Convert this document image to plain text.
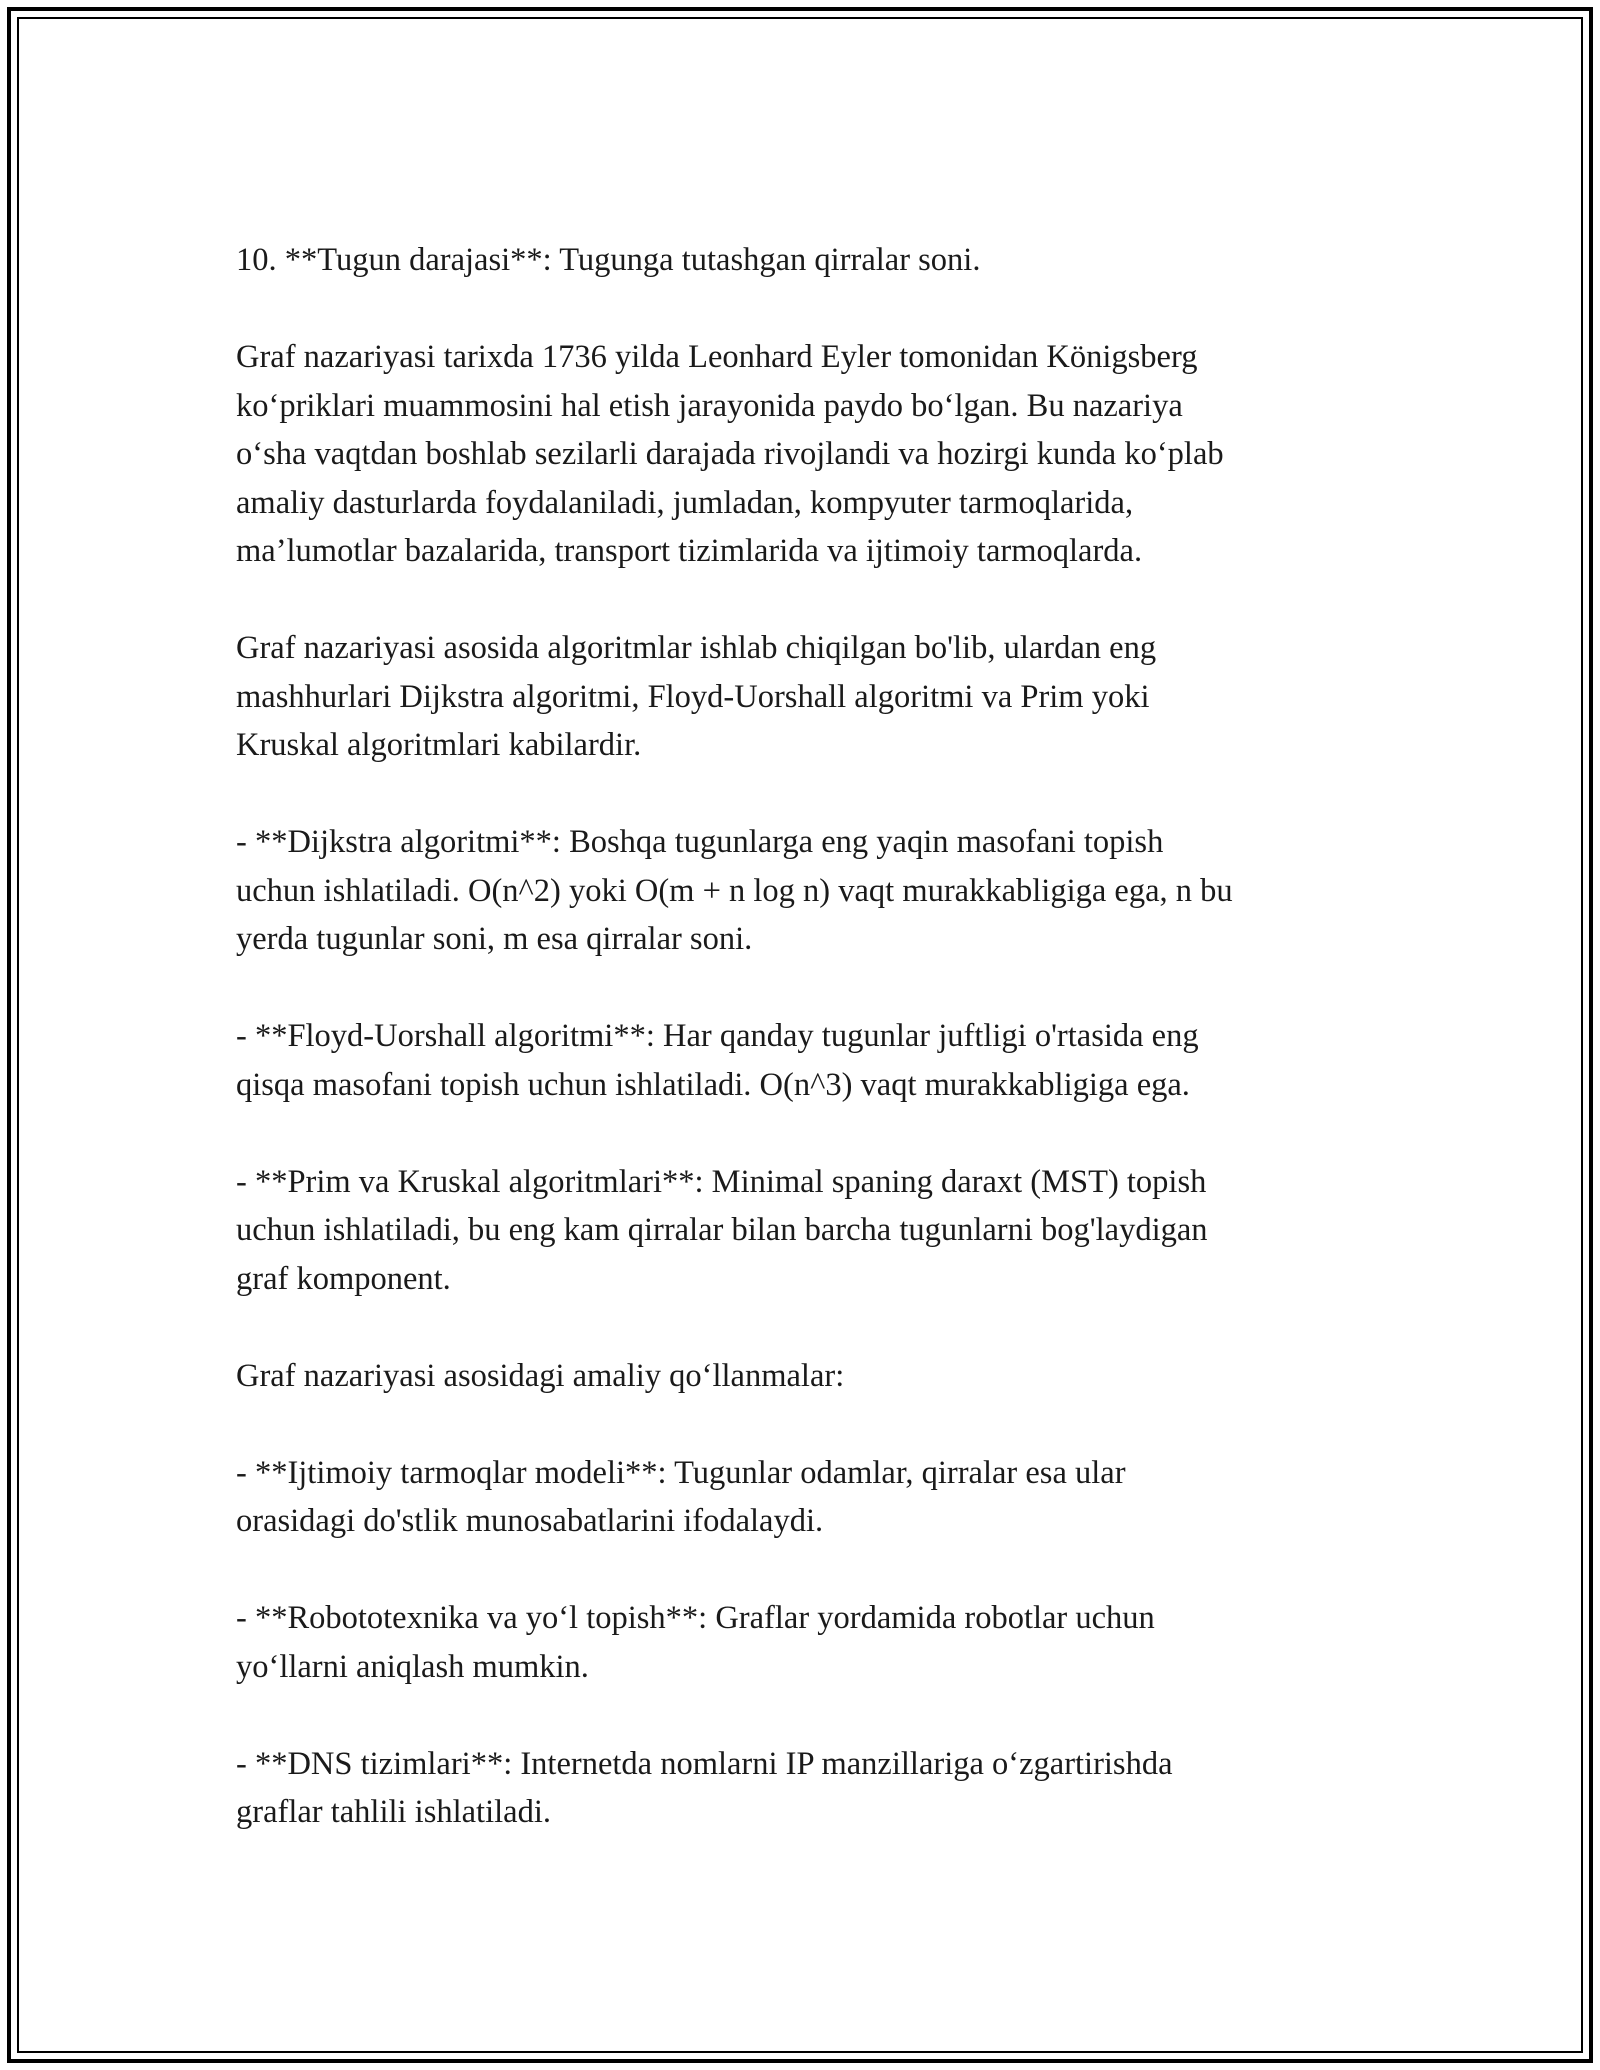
10. **Tugun darajasi**: Tugunga tutashgan qirralar soni.

Graf nazariyasi tarixda 1736 yilda Leonhard Eyler tomonidan Königsberg
ko‘priklari muammosini hal etish jarayonida paydo bo‘lgan. Bu nazariya
o‘sha vaqtdan boshlab sezilarli darajada rivojlandi va hozirgi kunda ko‘plab
amaliy dasturlarda foydalaniladi, jumladan, kompyuter tarmoqlarida,
ma’lumotlar bazalarida, transport tizimlarida va ijtimoiy tarmoqlarda.

Graf nazariyasi asosida algoritmlar ishlab chiqilgan bo'lib, ulardan eng
mashhurlari Dijkstra algoritmi, Floyd-Uorshall algoritmi va Prim yoki
Kruskal algoritmlari kabilardir.

- **Dijkstra algoritmi**: Boshqa tugunlarga eng yaqin masofani topish
uchun ishlatiladi. O(n^2) yoki O(m + n log n) vaqt murakkabligiga ega, n bu
yerda tugunlar soni, m esa qirralar soni.

- **Floyd-Uorshall algoritmi**: Har qanday tugunlar juftligi o'rtasida eng
qisqa masofani topish uchun ishlatiladi. O(n^3) vaqt murakkabligiga ega.

- **Prim va Kruskal algoritmlari**: Minimal spaning daraxt (MST) topish
uchun ishlatiladi, bu eng kam qirralar bilan barcha tugunlarni bog'laydigan
graf komponent.

Graf nazariyasi asosidagi amaliy qo‘llanmalar:

- **Ijtimoiy tarmoqlar modeli**: Tugunlar odamlar, qirralar esa ular
orasidagi do'stlik munosabatlarini ifodalaydi.

- **Robototexnika va yo‘l topish**: Graflar yordamida robotlar uchun
yo‘llarni aniqlash mumkin.

- **DNS tizimlari**: Internetda nomlarni IP manzillariga o‘zgartirishda
graflar tahlili ishlatiladi.
